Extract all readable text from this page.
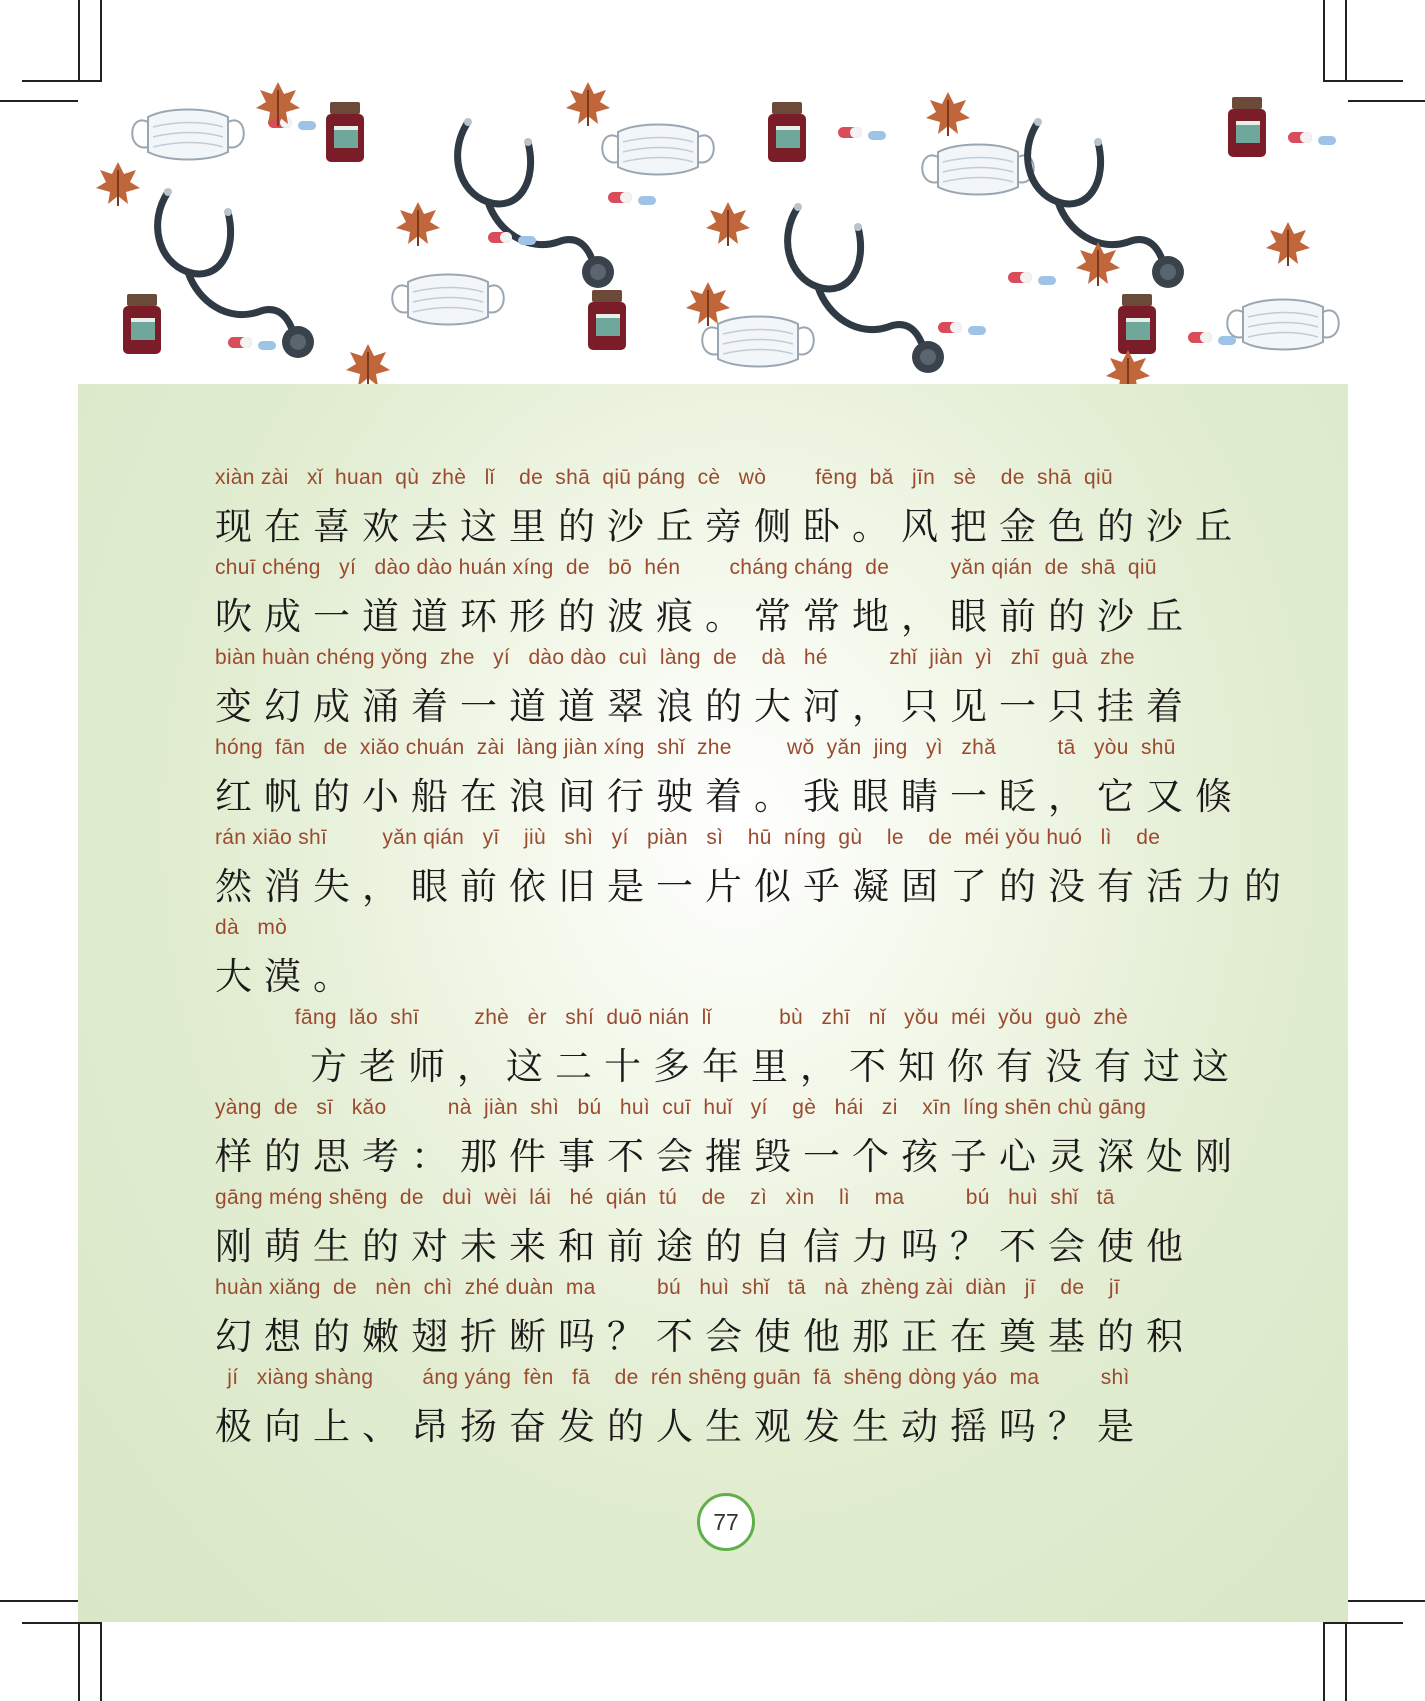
xiàn zài   xǐ  huan  qù  zhè   lǐ    de  shā  qiū páng  cè   wò        fēng  bǎ   jīn   sè    de  shā  qiū
现在喜欢去这里的沙丘旁侧卧。风把金色的沙丘
chuī chéng   yí   dào dào huán xíng  de   bō  hén        cháng cháng  de          yǎn qián  de  shā  qiū
吹成一道道环形的波痕。常常地，眼前的沙丘
biàn huàn chéng yǒng  zhe   yí   dào dào  cuì  làng  de    dà   hé          zhǐ  jiàn  yì   zhī  guà  zhe
变幻成涌着一道道翠浪的大河，只见一只挂着
hóng  fān   de  xiǎo chuán  zài  làng jiàn xíng  shǐ  zhe         wǒ  yǎn  jing   yì   zhǎ          tā   yòu  shū
红帆的小船在浪间行驶着。我眼睛一眨，它又倏
rán xiāo shī         yǎn qián   yī    jiù   shì   yí   piàn   sì    hū  níng  gù    le    de  méi yǒu huó   lì    de
然消失，眼前依旧是一片似乎凝固了的没有活力的
dà   mò
大漠。
fāng  lǎo  shī         zhè   èr   shí  duō nián  lǐ           bù   zhī   nǐ   yǒu  méi  yǒu  guò  zhè
方老师，这二十多年里，不知你有没有过这
yàng  de   sī   kǎo          nà  jiàn  shì   bú   huì  cuī  huǐ   yí    gè   hái   zi    xīn  líng shēn chù gāng
样的思考：那件事不会摧毁一个孩子心灵深处刚
gāng méng shēng  de   duì  wèi  lái   hé  qián  tú    de    zì   xìn    lì    ma          bú   huì  shǐ   tā
刚萌生的对未来和前途的自信力吗？不会使他
huàn xiǎng  de   nèn  chì  zhé duàn  ma          bú   huì  shǐ   tā   nà  zhèng zài  diàn   jī    de    jī
幻想的嫩翅折断吗？不会使他那正在奠基的积
jí   xiàng shàng        áng yáng  fèn   fā    de  rén shēng guān  fā  shēng dòng yáo  ma          shì
极向上、昂扬奋发的人生观发生动摇吗？是
77
